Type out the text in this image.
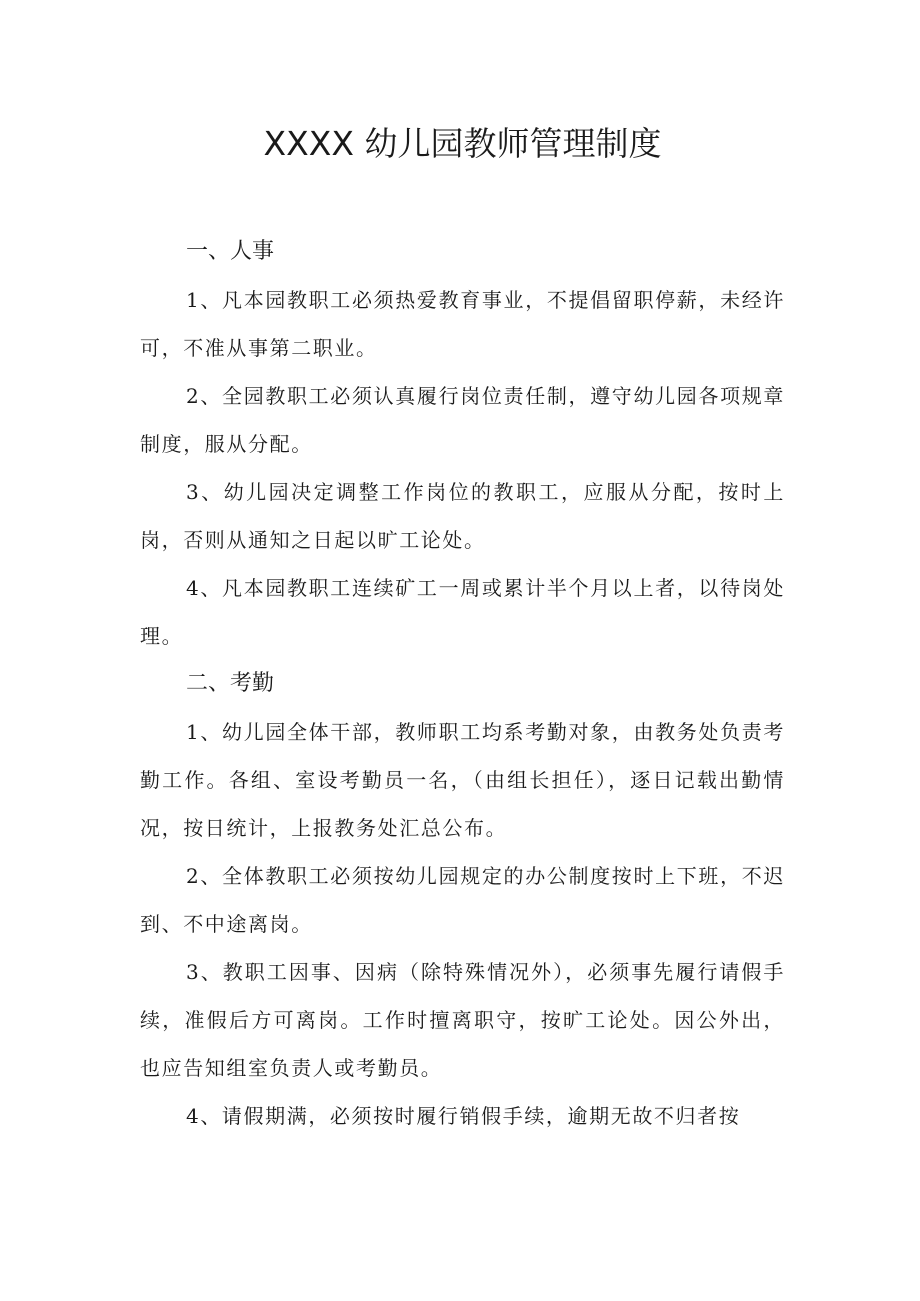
XXXX 幼儿园教师管理制度
一、人事

1、凡本园教职工必须热爱教育事业，不提倡留职停薪，未经许可，不准从事第二职业。

2、全园教职工必须认真履行岗位责任制，遵守幼儿园各项规章制度，服从分配。

3、幼儿园决定调整工作岗位的教职工，应服从分配，按时上岗，否则从通知之日起以旷工论处。

4、凡本园教职工连续矿工一周或累计半个月以上者，以待岗处理。

二、考勤

1、幼儿园全体干部，教师职工均系考勤对象，由教务处负责考勤工作。各组、室设考勤员一名，（由组长担任），逐日记载出勤情况，按日统计，上报教务处汇总公布。

2、全体教职工必须按幼儿园规定的办公制度按时上下班，不迟到、不中途离岗。

3、教职工因事、因病（除特殊情况外），必须事先履行请假手续，准假后方可离岗。工作时擅离职守，按旷工论处。因公外出，也应告知组室负责人或考勤员。

4、请假期满，必须按时履行销假手续，逾期无故不归者按
